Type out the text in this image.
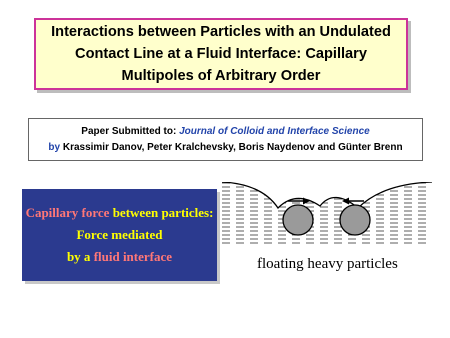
Interactions between Particles with an Undulated
Contact Line at a Fluid Interface: Capillary
Multipoles of Arbitrary Order
Paper Submitted to: Journal of Colloid and Interface Science
by Krassimir Danov, Peter Kralchevsky, Boris Naydenov and Günter Brenn
Capillary force between particles:
Force mediated
by a fluid interface	floating heavy particles
